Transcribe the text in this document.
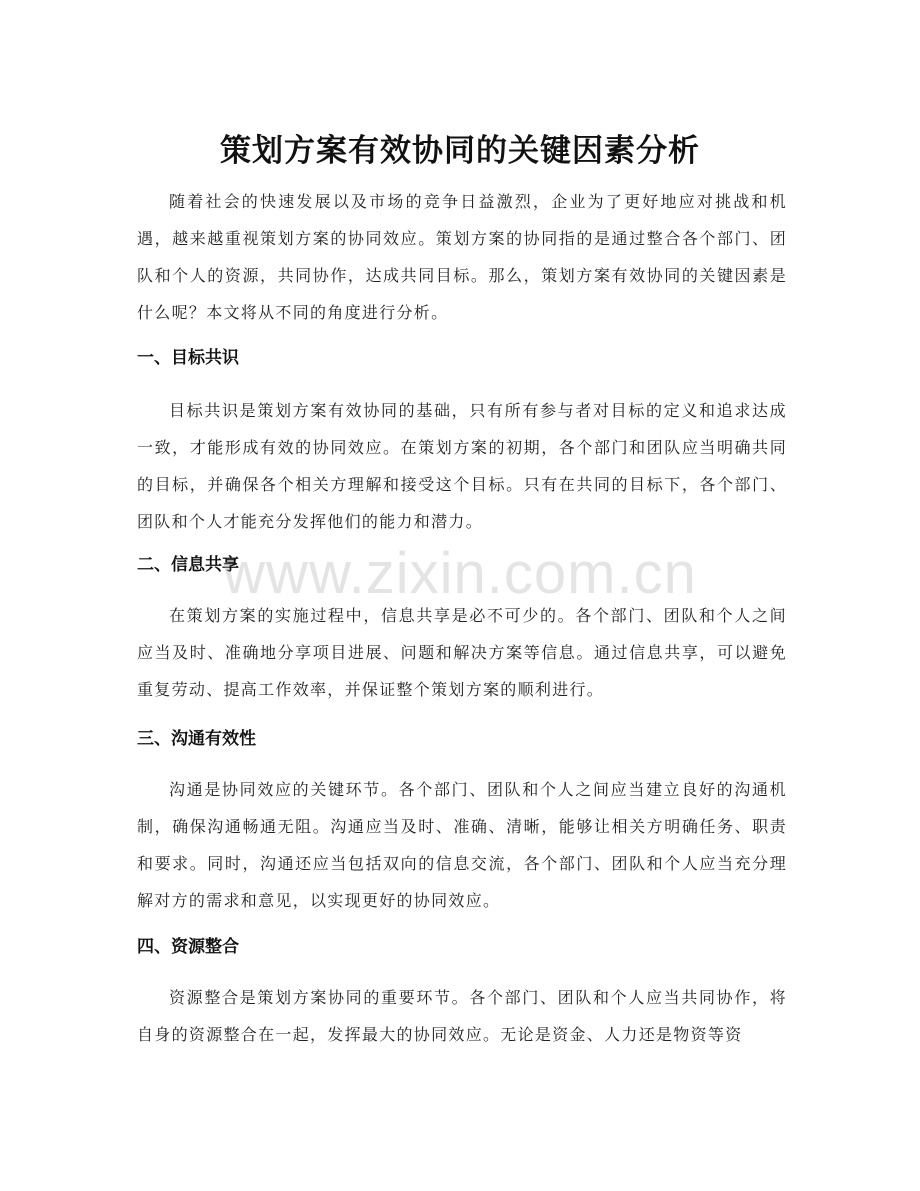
策划方案有效协同的关键因素分析

随着社会的快速发展以及市场的竞争日益激烈，企业为了更好地应对挑战和机遇，越来越重视策划方案的协同效应。策划方案的协同指的是通过整合各个部门、团队和个人的资源，共同协作，达成共同目标。那么，策划方案有效协同的关键因素是什么呢？本文将从不同的角度进行分析。

一、目标共识

目标共识是策划方案有效协同的基础，只有所有参与者对目标的定义和追求达成一致，才能形成有效的协同效应。在策划方案的初期，各个部门和团队应当明确共同的目标，并确保各个相关方理解和接受这个目标。只有在共同的目标下，各个部门、团队和个人才能充分发挥他们的能力和潜力。

二、信息共享

在策划方案的实施过程中，信息共享是必不可少的。各个部门、团队和个人之间应当及时、准确地分享项目进展、问题和解决方案等信息。通过信息共享，可以避免重复劳动、提高工作效率，并保证整个策划方案的顺利进行。

三、沟通有效性

沟通是协同效应的关键环节。各个部门、团队和个人之间应当建立良好的沟通机制，确保沟通畅通无阻。沟通应当及时、准确、清晰，能够让相关方明确任务、职责和要求。同时，沟通还应当包括双向的信息交流，各个部门、团队和个人应当充分理解对方的需求和意见，以实现更好的协同效应。

四、资源整合

资源整合是策划方案协同的重要环节。各个部门、团队和个人应当共同协作，将自身的资源整合在一起，发挥最大的协同效应。无论是资金、人力还是物资等资

www.zixin.com.cn
